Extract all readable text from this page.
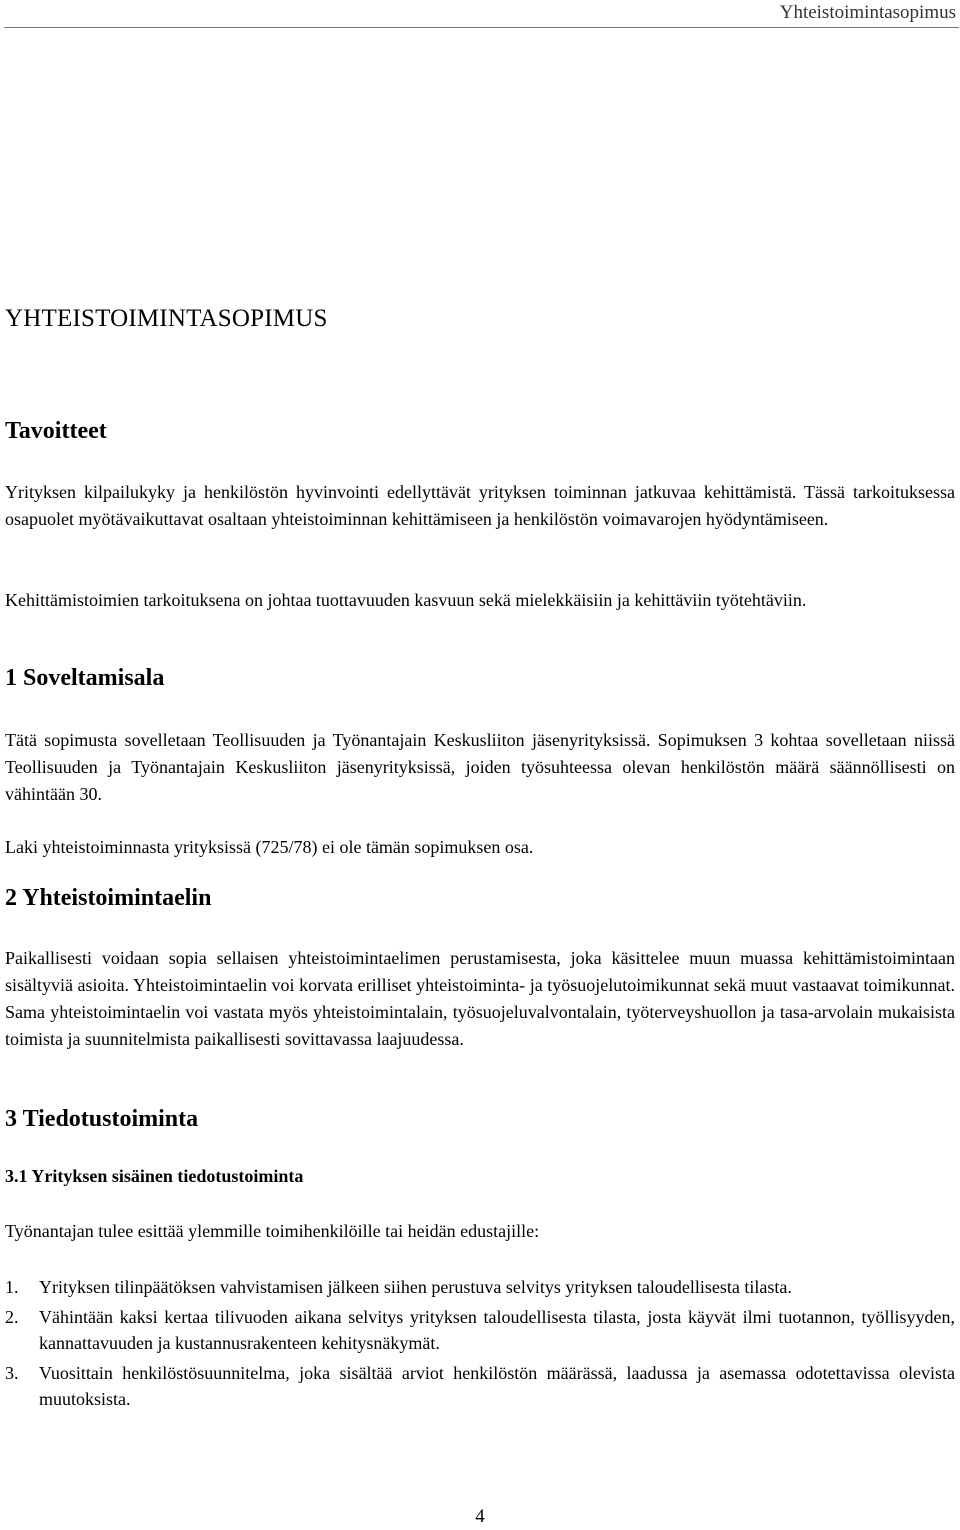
Yhteistoimintasopimus
YHTEISTOIMINTASOPIMUS
Tavoitteet

Yrityksen kilpailukyky ja henkilöstön hyvinvointi edellyttävät yrityksen toiminnan jatkuvaa kehittämistä. Tässä tarkoituksessa osapuolet myötävaikuttavat osaltaan yhteistoiminnan kehittämiseen ja henkilöstön voimavarojen hyödyntämiseen.

Kehittämistoimien tarkoituksena on johtaa tuottavuuden kasvuun sekä mielekkäisiin ja kehittäviin työtehtäviin.

1 Soveltamisala

Tätä sopimusta sovelletaan Teollisuuden ja Työnantajain Keskusliiton jäsenyrityksissä. Sopimuksen 3 kohtaa sovelletaan niissä Teollisuuden ja Työnantajain Keskusliiton jäsenyrityksissä, joiden työsuhteessa olevan henkilöstön määrä säännöllisesti on vähintään 30.

Laki yhteistoiminnasta yrityksissä (725/78) ei ole tämän sopimuksen osa.

2 Yhteistoimintaelin

Paikallisesti voidaan sopia sellaisen yhteistoimintaelimen perustamisesta, joka käsittelee muun muassa kehittämistoimintaan sisältyviä asioita. Yhteistoimintaelin voi korvata erilliset yhteistoiminta- ja työsuojelutoimikunnat sekä muut vastaavat toimikunnat. Sama yhteistoimintaelin voi vastata myös yhteistoimintalain, työsuojeluvalvontalain, työterveyshuollon ja tasa-arvolain mukaisista toimista ja suunnitelmista paikallisesti sovittavassa laajuudessa.

3 Tiedotustoiminta
3.1 Yrityksen sisäinen tiedotustoiminta

Työnantajan tulee esittää ylemmille toimihenkilöille tai heidän edustajille:

1. Yrityksen tilinpäätöksen vahvistamisen jälkeen siihen perustuva selvitys yrityksen taloudellisesta tilasta.
2. Vähintään kaksi kertaa tilivuoden aikana selvitys yrityksen taloudellisesta tilasta, josta käyvät ilmi tuotannon, työllisyyden, kannattavuuden ja kustannusrakenteen kehitysnäkymät.
3. Vuosittain henkilöstösuunnitelma, joka sisältää arviot henkilöstön määrässä, laadussa ja asemassa odotettavissa olevista muutoksista.
4
